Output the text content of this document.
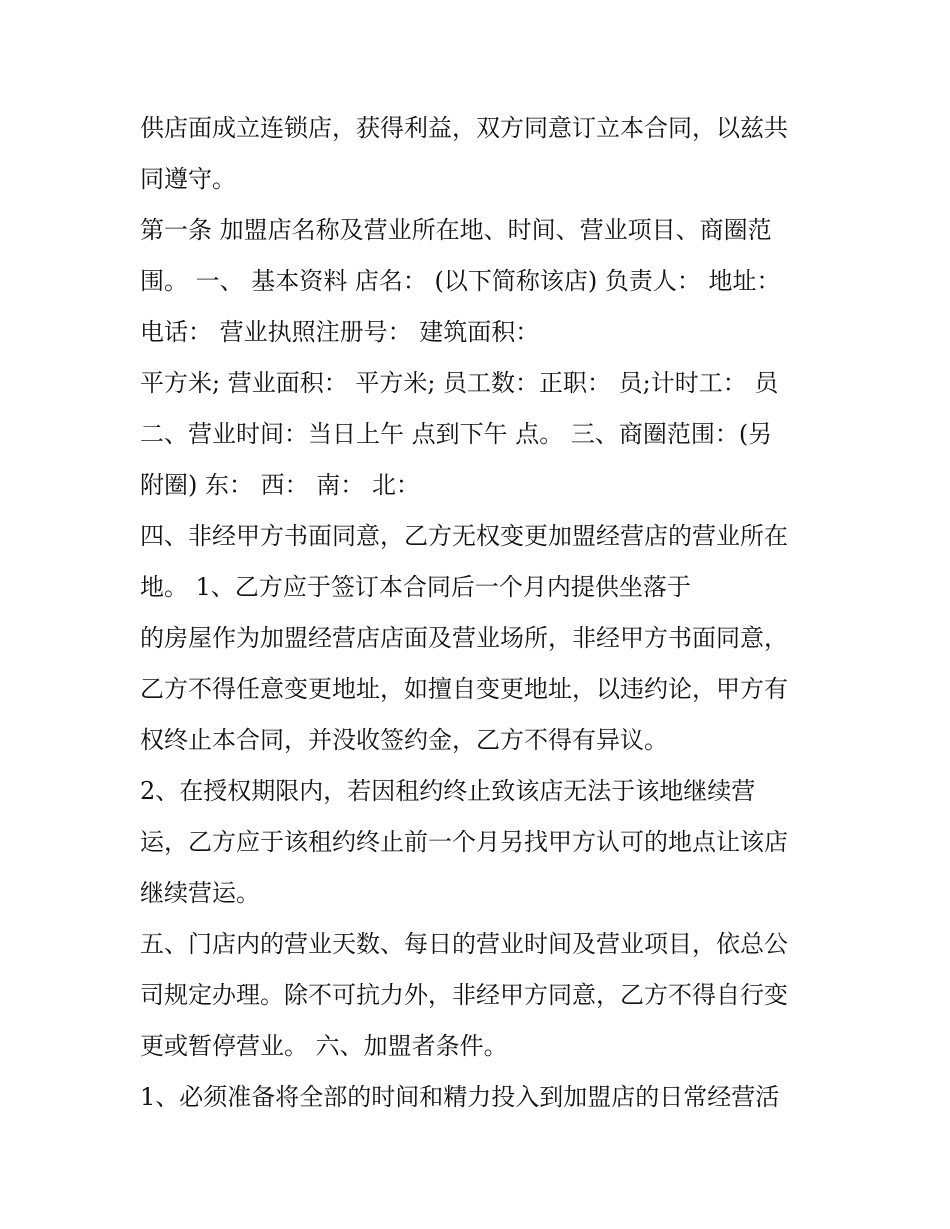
供店面成立连锁店，获得利益，双方同意订立本合同，以兹共
同遵守。
第一条 加盟店名称及营业所在地、时间、营业项目、商圈范
围。 一、 基本资料 店名： (以下简称该店) 负责人： 地址：
电话： 营业执照注册号： 建筑面积：
平方米; 营业面积： 平方米; 员工数：正职： 员;计时工： 员
二、营业时间：当日上午 点到下午 点。 三、商圈范围：(另
附圈) 东： 西： 南： 北：
四、非经甲方书面同意，乙方无权变更加盟经营店的营业所在
地。 1、乙方应于签订本合同后一个月内提供坐落于
的房屋作为加盟经营店店面及营业场所，非经甲方书面同意，
乙方不得任意变更地址，如擅自变更地址，以违约论，甲方有
权终止本合同，并没收签约金，乙方不得有异议。
2、在授权期限内，若因租约终止致该店无法于该地继续营
运，乙方应于该租约终止前一个月另找甲方认可的地点让该店
继续营运。
五、门店内的营业天数、每日的营业时间及营业项目，依总公
司规定办理。除不可抗力外，非经甲方同意，乙方不得自行变
更或暂停营业。 六、加盟者条件。
1、必须准备将全部的时间和精力投入到加盟店的日常经营活
